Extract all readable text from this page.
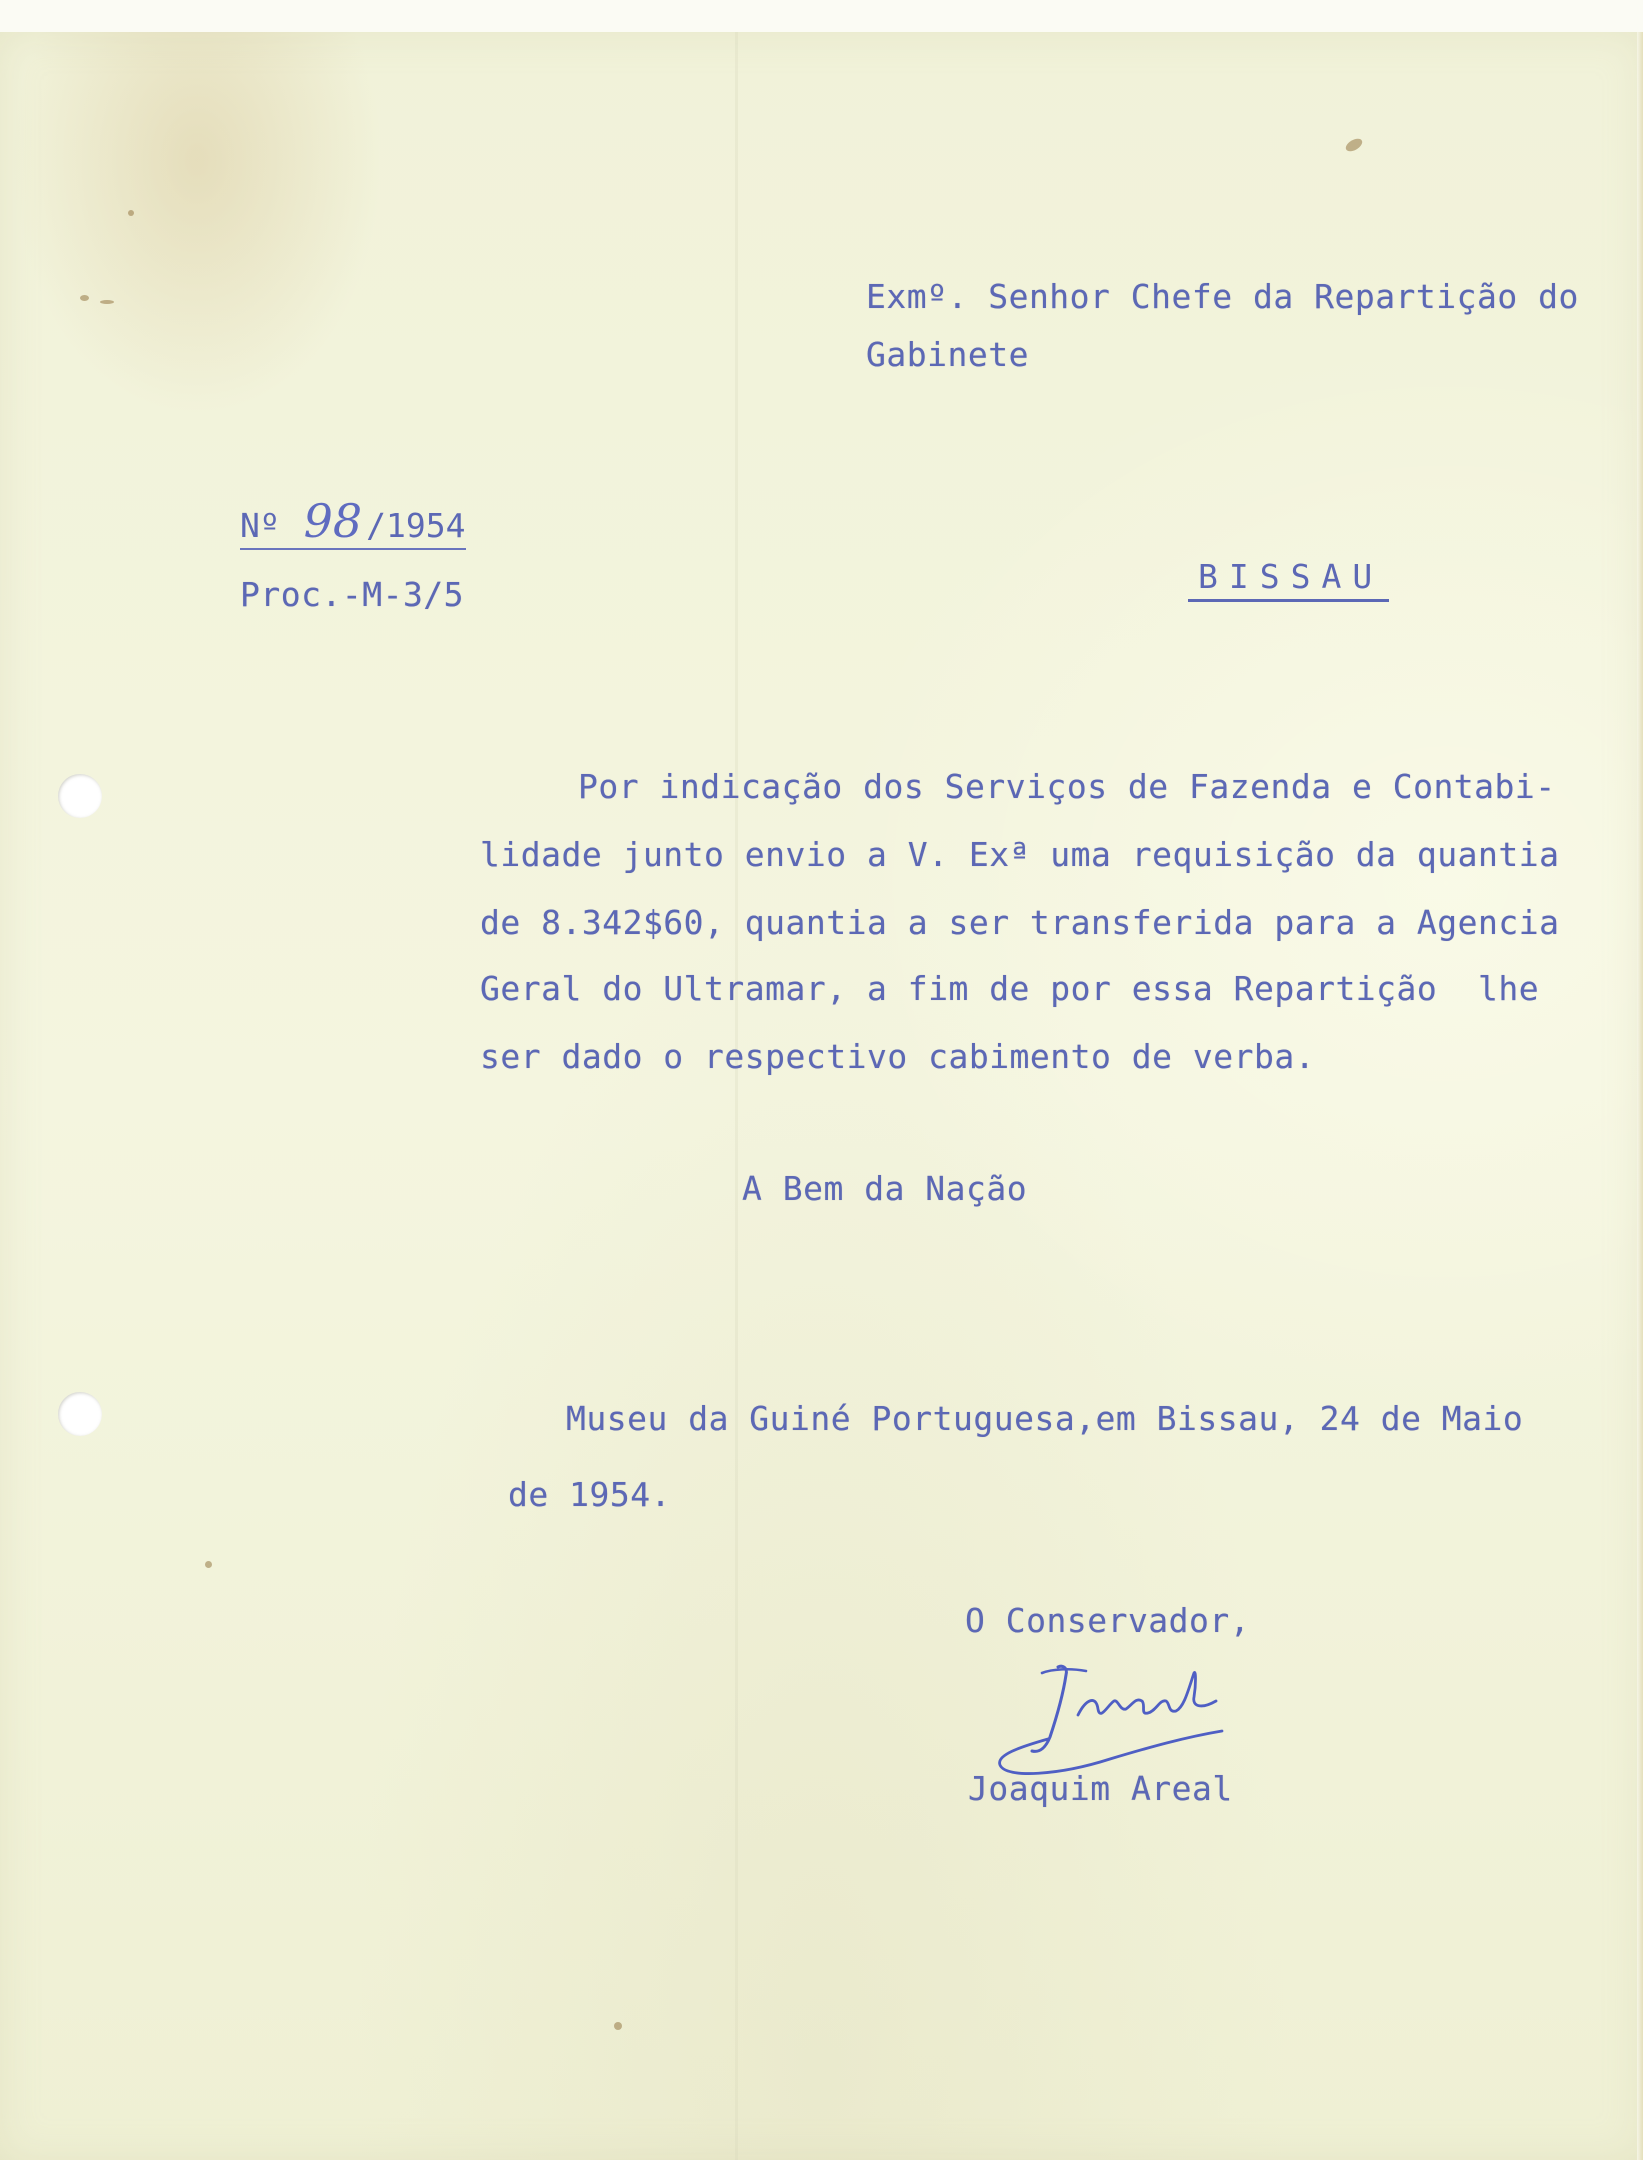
Exmº. Senhor Chefe da Repartição do
Gabinete
Nº 98 /1954
Proc.-M-3/5	BISSAU
Por indicação dos Serviços de Fazenda e Contabi-
lidade junto envio a V. Exª uma requisição da quantia
de 8.342$60, quantia a ser transferida para a Agencia
Geral do Ultramar, a fim de por essa Repartição  lhe
ser dado o respectivo cabimento de verba.
A Bem da Nação
Museu da Guiné Portuguesa,em Bissau, 24 de Maio
de 1954.
O Conservador,
Joaquim Areal
